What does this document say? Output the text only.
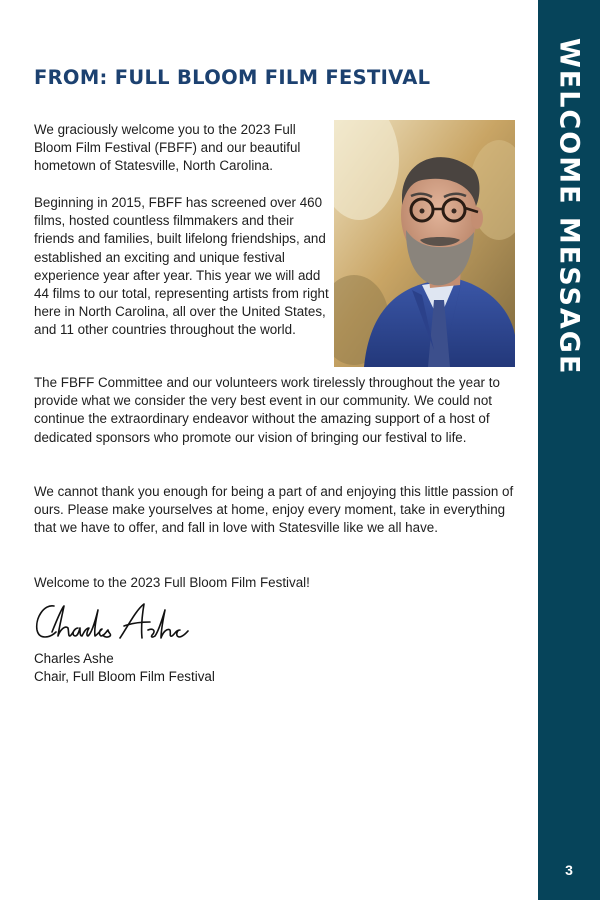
WELCOME MESSAGE
3
FROM: FULL BLOOM FILM FESTIVAL

We graciously welcome you to the 2023 Full Bloom Film Festival (FBFF) and our beautiful hometown of Statesville, North Carolina.

Beginning in 2015, FBFF has screened over 460 films, hosted countless filmmakers and their friends and families, built lifelong friendships, and established an exciting and unique festival experience year after year. This year we will add 44 films to our total, representing artists from right here in North Carolina, all over the United States, and 11 other countries throughout the world.

The FBFF Committee and our volunteers work tirelessly throughout the year to provide what we consider the very best event in our community. We could not continue the extraordinary endeavor without the amazing support of a host of dedicated sponsors who promote our vision of bringing our festival to life.

We cannot thank you enough for being a part of and enjoying this little passion of ours. Please make yourselves at home, enjoy every moment, take in everything that we have to offer, and fall in love with Statesville like we all have.

Welcome to the 2023 Full Bloom Film Festival!

Charles Ashe

Chair, Full Bloom Film Festival
